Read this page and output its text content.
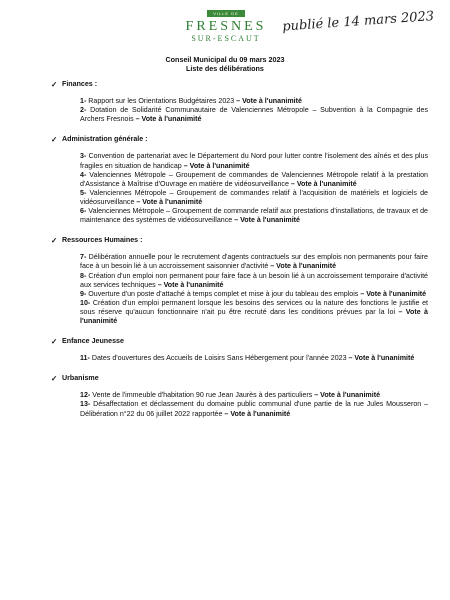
VILLE DE
FRESNES
SUR-ESCAUT
publié le 14 mars 2023
Conseil Municipal du 09 mars 2023
Liste des délibérations
✓ Finances :
1- Rapport sur les Orientations Budgétaires 2023 – Vote à l'unanimité
2- Dotation de Solidarité Communautaire de Valenciennes Métropole – Subvention à la Compagnie des Archers Fresnois – Vote à l'unanimité
✓ Administration générale :
3- Convention de partenariat avec le Département du Nord pour lutter contre l'isolement des aînés et des plus fragiles en situation de handicap – Vote à l'unanimité
4- Valenciennes Métropole – Groupement de commandes de Valenciennes Métropole relatif à la prestation d'Assistance à Maîtrise d'Ouvrage en matière de vidéosurveillance – Vote à l'unanimité
5- Valenciennes Métropole – Groupement de commandes relatif à l'acquisition de matériels et logiciels de vidéosurveillance – Vote à l'unanimité
6- Valenciennes Métropole – Groupement de commande relatif aux prestations d'installations, de travaux et de maintenance des systèmes de vidéosurveillance – Vote à l'unanimité
✓ Ressources Humaines :
7- Délibération annuelle pour le recrutement d'agents contractuels sur des emplois non permanents pour faire face à un besoin lié à un accroissement saisonnier d'activité – Vote à l'unanimité
8- Création d'un emploi non permanent pour faire face à un besoin lié à un accroissement temporaire d'activité aux services techniques – Vote à l'unanimité
9- Ouverture d'un poste d'attaché à temps complet et mise à jour du tableau des emplois – Vote à l'unanimité
10- Création d'un emploi permanent lorsque les besoins des services ou la nature des fonctions le justifie et sous réserve qu'aucun fonctionnaire n'ait pu être recruté dans les conditions prévues par la loi – Vote à l'unanimité
✓ Enfance Jeunesse
11- Dates d'ouvertures des Accueils de Loisirs Sans Hébergement pour l'année 2023 – Vote à l'unanimité
✓ Urbanisme
12- Vente de l'immeuble d'habitation 90 rue Jean Jaurès à des particuliers – Vote à l'unanimité
13- Désaffectation et déclassement du domaine public communal d'une partie de la rue Jules Mousseron – Délibération n°22 du 06 juillet 2022 rapportée – Vote à l'unanimité
